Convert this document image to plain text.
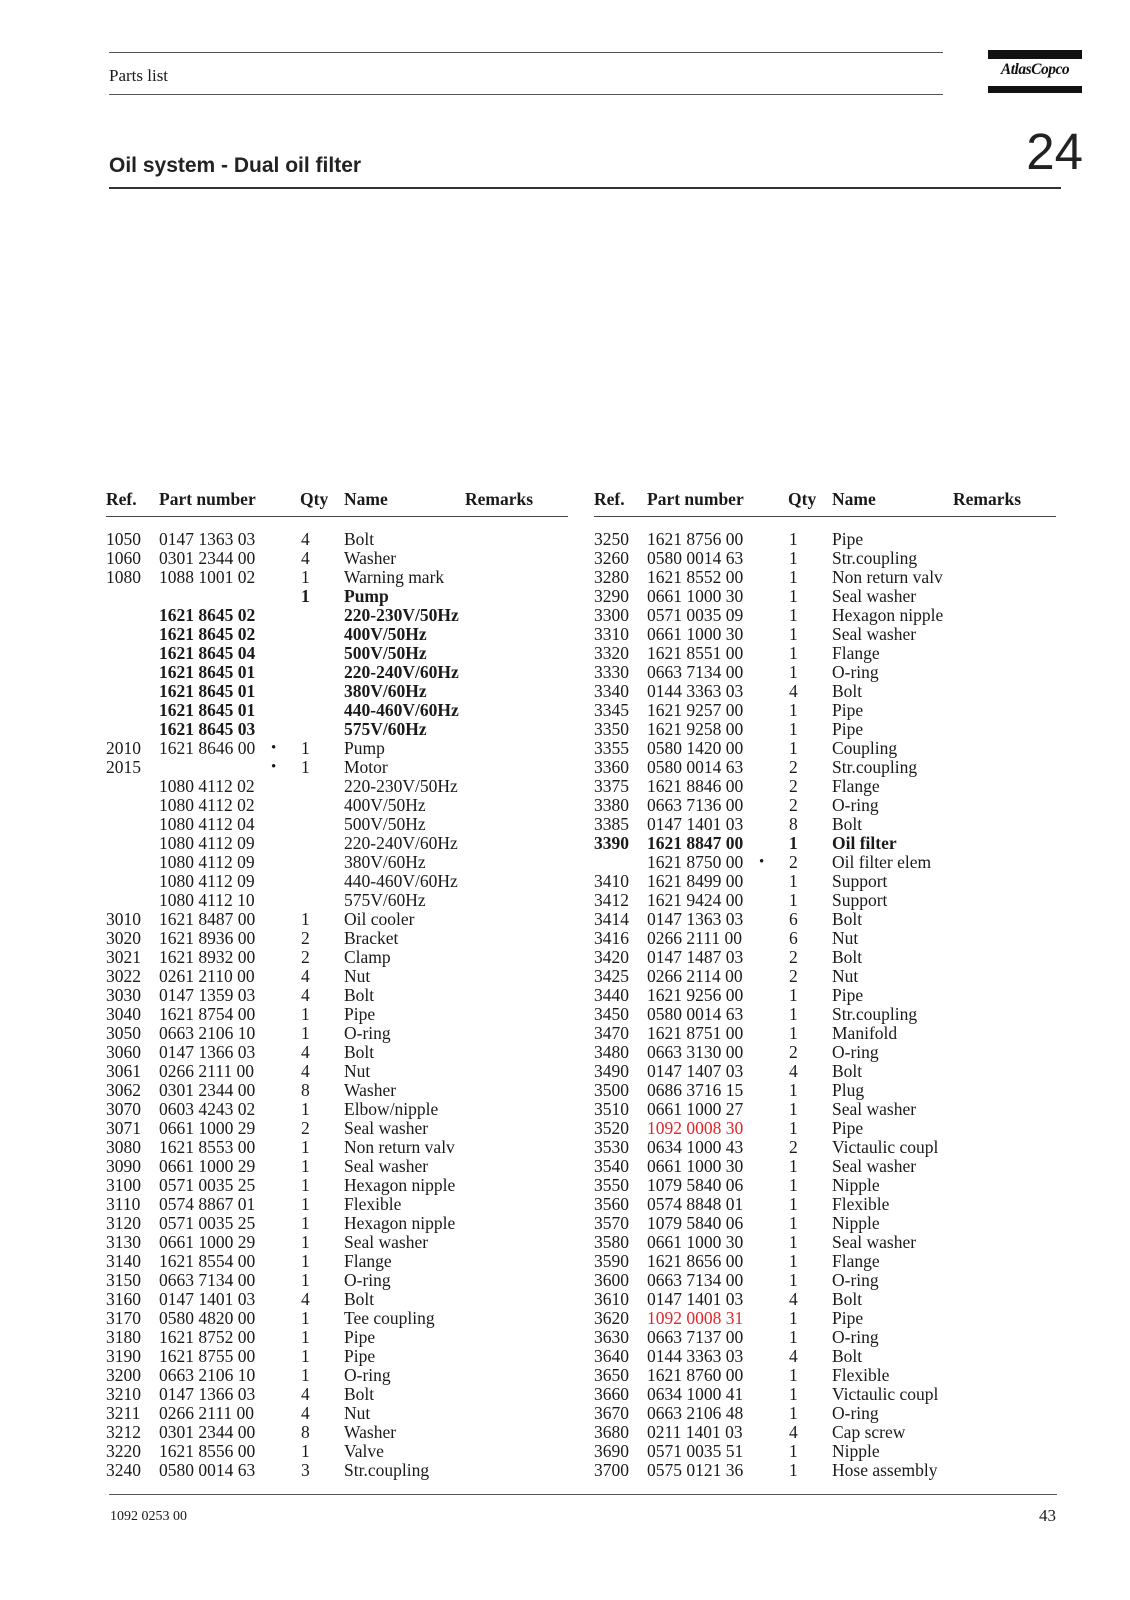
Parts list	AtlasCopco
Oil system - Dual oil filter	24
Ref. Part number	Qty Name	Remarks
1050 0147 1363 03	4 Bolt
1060 0301 2344 00	4 Washer
1080 1088 1001 02	1 Warning mark
1 Pump
1621 8645 02	220-230V/50Hz
1621 8645 02	400V/50Hz
1621 8645 04	500V/50Hz
1621 8645 01	220-240V/60Hz
1621 8645 01	380V/60Hz
1621 8645 01	440-460V/60Hz
1621 8645 03	575V/60Hz
2010 1621 8646 00 • 1 Pump
2015	• 1 Motor
1080 4112 02	220-230V/50Hz
1080 4112 02	400V/50Hz
1080 4112 04	500V/50Hz
1080 4112 09	220-240V/60Hz
1080 4112 09	380V/60Hz
1080 4112 09	440-460V/60Hz
1080 4112 10	575V/60Hz
3010 1621 8487 00	1 Oil cooler
3020 1621 8936 00	2 Bracket
3021 1621 8932 00	2 Clamp
3022 0261 2110 00	4 Nut
3030 0147 1359 03	4 Bolt
3040 1621 8754 00	1 Pipe
3050 0663 2106 10	1 O-ring
3060 0147 1366 03	4 Bolt
3061 0266 2111 00	4 Nut
3062 0301 2344 00	8 Washer
3070 0603 4243 02	1 Elbow/nipple
3071 0661 1000 29	2 Seal washer
3080 1621 8553 00	1 Non return valv
3090 0661 1000 29	1 Seal washer
3100 0571 0035 25	1 Hexagon nipple
3110 0574 8867 01	1 Flexible
3120 0571 0035 25	1 Hexagon nipple
3130 0661 1000 29	1 Seal washer
3140 1621 8554 00	1 Flange
3150 0663 7134 00	1 O-ring
3160 0147 1401 03	4 Bolt
3170 0580 4820 00	1 Tee coupling
3180 1621 8752 00	1 Pipe
3190 1621 8755 00	1 Pipe
3200 0663 2106 10	1 O-ring
3210 0147 1366 03	4 Bolt
3211 0266 2111 00	4 Nut
3212 0301 2344 00	8 Washer
3220 1621 8556 00	1 Valve
3240 0580 0014 63	3 Str.coupling
Ref. Part number	Qty Name	Remarks
3250 1621 8756 00	1 Pipe
3260 0580 0014 63	1 Str.coupling
3280 1621 8552 00	1 Non return valv
3290 0661 1000 30	1 Seal washer
3300 0571 0035 09	1 Hexagon nipple
3310 0661 1000 30	1 Seal washer
3320 1621 8551 00	1 Flange
3330 0663 7134 00	1 O-ring
3340 0144 3363 03	4 Bolt
3345 1621 9257 00	1 Pipe
3350 1621 9258 00	1 Pipe
3355 0580 1420 00	1 Coupling
3360 0580 0014 63	2 Str.coupling
3375 1621 8846 00	2 Flange
3380 0663 7136 00	2 O-ring
3385 0147 1401 03	8 Bolt
3390 1621 8847 00	1 Oil filter
1621 8750 00 • 2 Oil filter elem
3410 1621 8499 00	1 Support
3412 1621 9424 00	1 Support
3414 0147 1363 03	6 Bolt
3416 0266 2111 00	6 Nut
3420 0147 1487 03	2 Bolt
3425 0266 2114 00	2 Nut
3440 1621 9256 00	1 Pipe
3450 0580 0014 63	1 Str.coupling
3470 1621 8751 00	1 Manifold
3480 0663 3130 00	2 O-ring
3490 0147 1407 03	4 Bolt
3500 0686 3716 15	1 Plug
3510 0661 1000 27	1 Seal washer
3520 1092 0008 30	1 Pipe
3530 0634 1000 43	2 Victaulic coupl
3540 0661 1000 30	1 Seal washer
3550 1079 5840 06	1 Nipple
3560 0574 8848 01	1 Flexible
3570 1079 5840 06	1 Nipple
3580 0661 1000 30	1 Seal washer
3590 1621 8656 00	1 Flange
3600 0663 7134 00	1 O-ring
3610 0147 1401 03	4 Bolt
3620 1092 0008 31	1 Pipe
3630 0663 7137 00	1 O-ring
3640 0144 3363 03	4 Bolt
3650 1621 8760 00	1 Flexible
3660 0634 1000 41	1 Victaulic coupl
3670 0663 2106 48	1 O-ring
3680 0211 1401 03	4 Cap screw
3690 0571 0035 51	1 Nipple
3700 0575 0121 36	1 Hose assembly
1092 0253 00	43
